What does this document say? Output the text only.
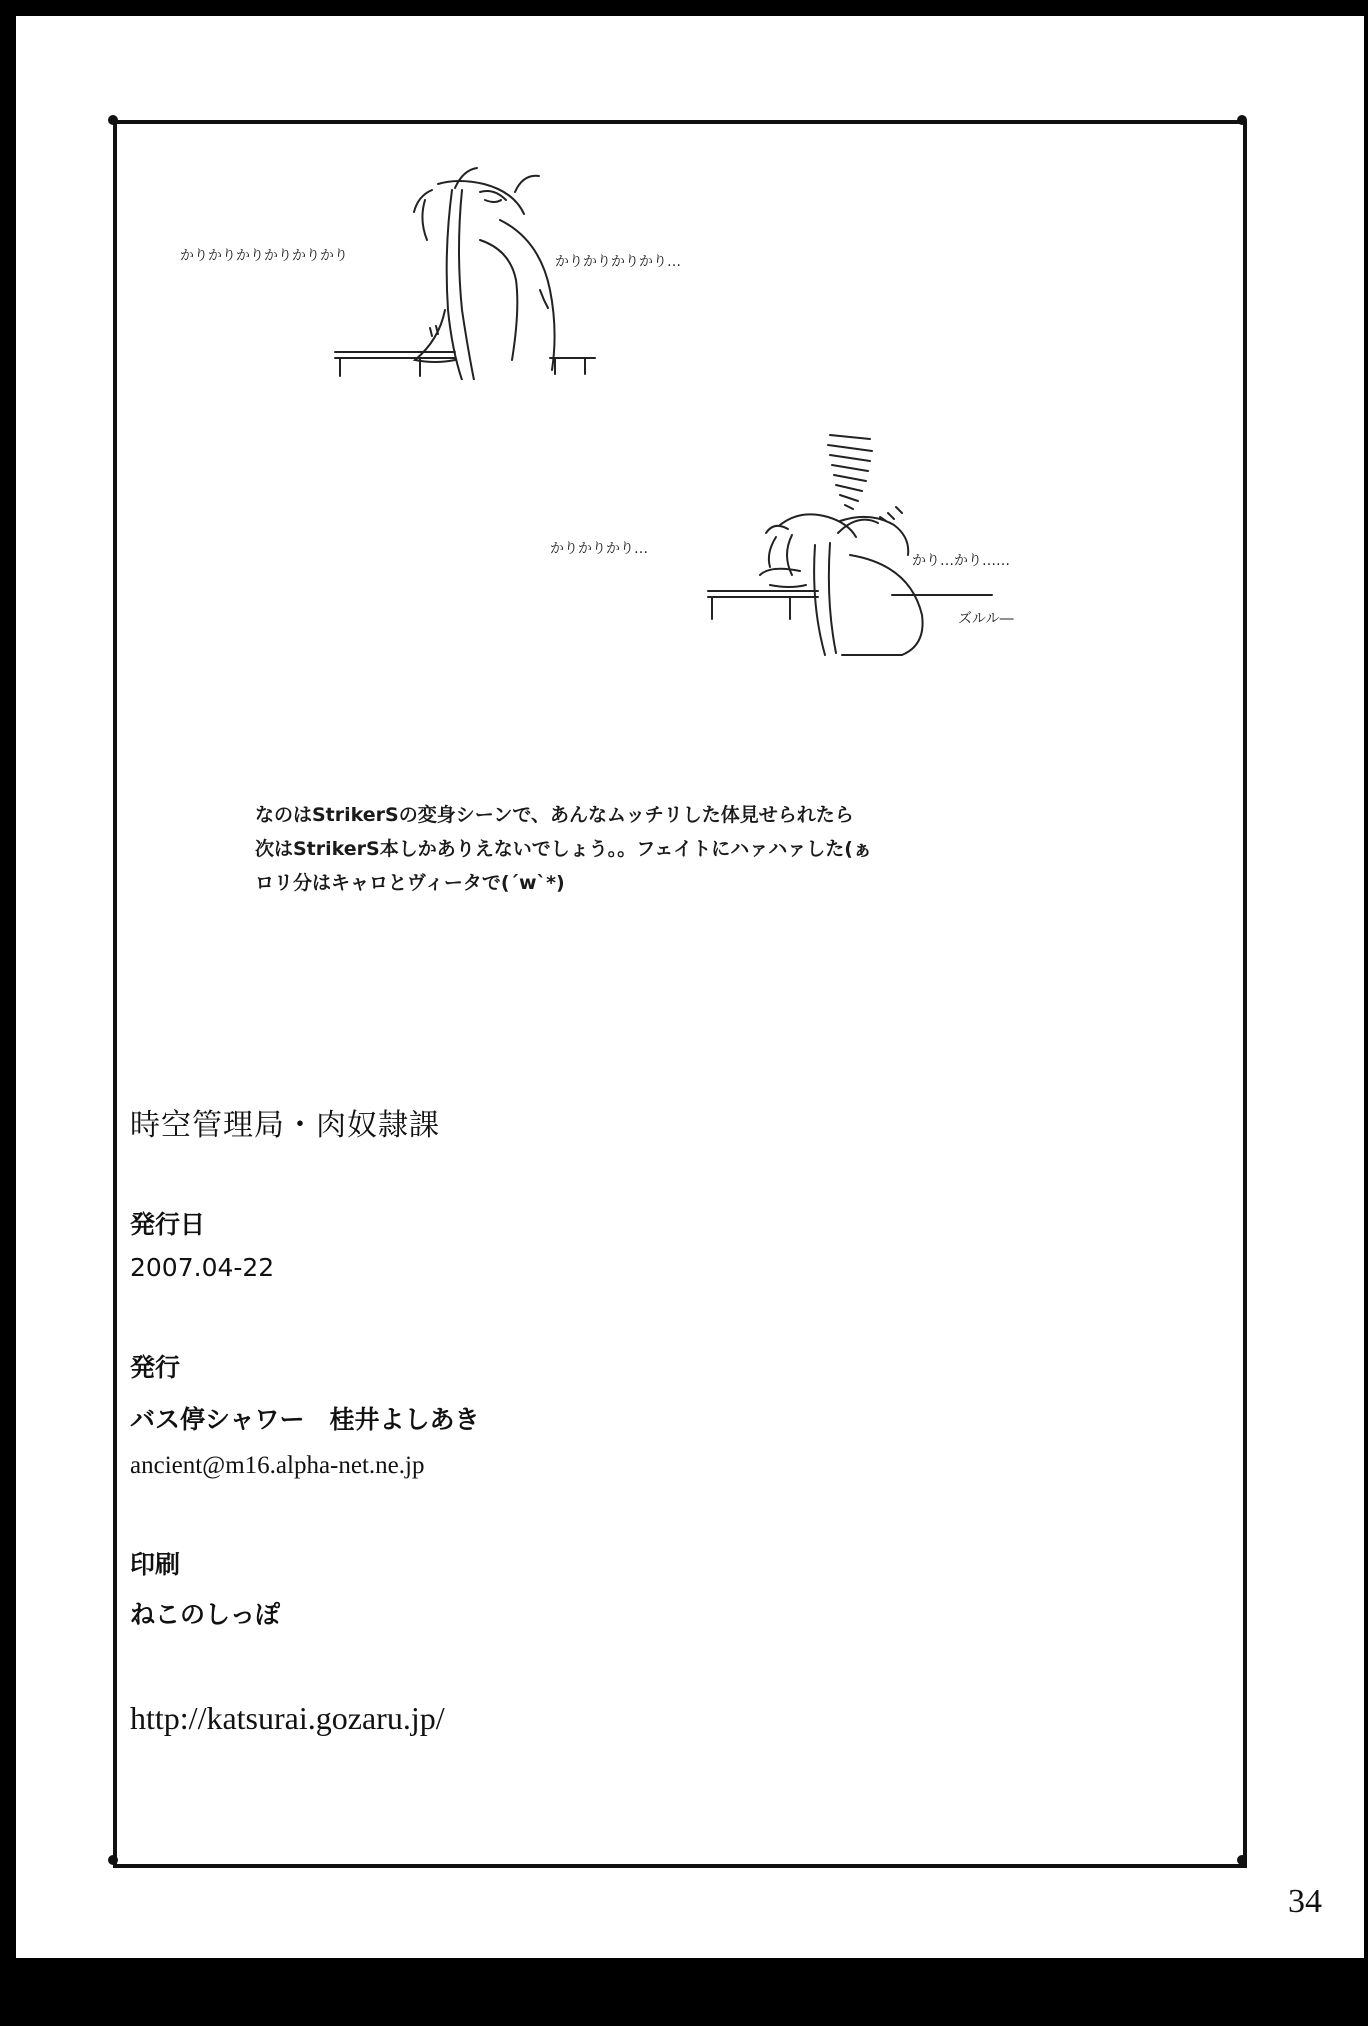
かりかりかりかりかりかり	かりかりかりかり…
かりかりかり…
かり…かり……
ズルル―
なのはStrikerSの変身シーンで、あんなムッチリした体見せられたら
次はStrikerS本しかありえないでしょう。。フェイトにハァハァした(ぁ
ロリ分はキャロとヴィータで(´w`*)
時空管理局・肉奴隷課
発行日
2007.04-22
発行
バス停シャワー　桂井よしあき
ancient@m16.alpha-net.ne.jp
印刷
ねこのしっぽ
http://katsurai.gozaru.jp/
34
